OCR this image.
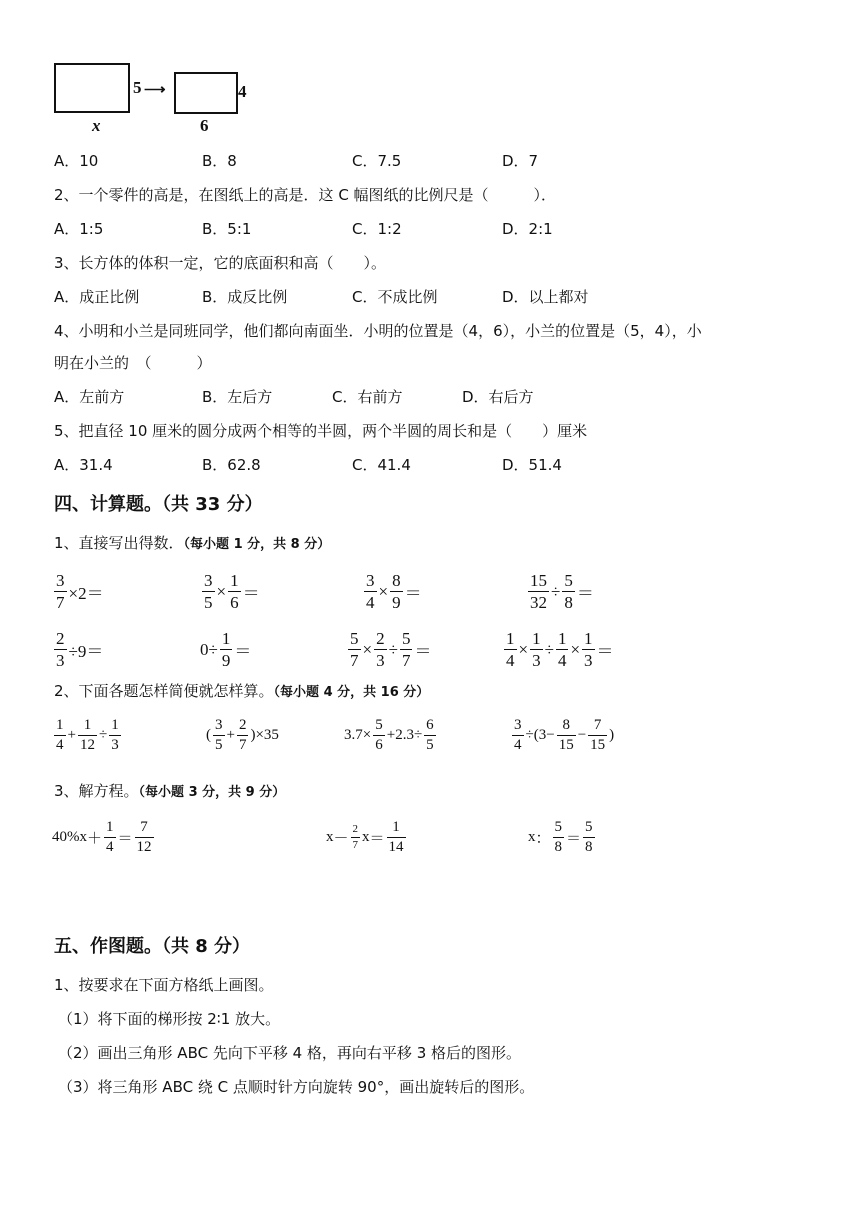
5 ⟶	4
x	6
A．10	B．8	C．7.5	D．7
2、一个零件的高是，在图纸上的高是．这 C 幅图纸的比例尺是（　　　）．
A．1:5	B．5:1	C．1:2	D．2:1
3、长方体的体积一定，它的底面积和高（　　）。
A．成正比例	B．成反比例	C．不成比例	D．以上都对
4、小明和小兰是同班同学，他们都向南面坐．小明的位置是（4，6），小兰的位置是（5，4），小
明在小兰的　（　　　）
A．左前方	B．左后方	C．右前方	D．右后方
5、把直径 10 厘米的圆分成两个相等的半圆，两个半圆的周长和是（　　）厘米
A．31.4	B．62.8	C．41.4	D．51.4
四、计算题。（共 33 分）
1、直接写出得数．（每小题 1 分，共 8 分）
$\frac{3}{7} \times 2=$	$\frac{3}{5} \times \frac{1}{6}$ ＝	$\frac{3}{4} \times \frac{8}{9}$ ＝	$\frac{15}{32} \div \frac{5}{8}$ ＝
$\frac{2}{3} \div 9=$	$0 \div \frac{1}{9}$ ＝	$\frac{5}{7} \times \frac{2}{3} \div \frac{5}{7}$ ＝	$\frac{1}{4} \times \frac{1}{3} \div \frac{1}{4} \times \frac{1}{3}$ ＝
2、下面各题怎样简便就怎样算。（每小题 4 分，共 16 分）
$\frac{1}{4} + \frac{1}{12} \div \frac{1}{3}$	( $\frac{3}{5} + \frac{2}{7}$ ) ×35	$3.7 \times \frac{5}{6} + 2.3 \div \frac{6}{5}$	$\frac{3}{4} \div(3- \frac{8}{15} - \frac{7}{15}$ )
3、解方程。（每小题 3 分，共 9 分）
$40\%x + \frac{1}{4} = \frac{7}{12}$	$x - \frac{2}{7}$ $x = \frac{1}{14}$	x ： $\frac{5}{8} = \frac{5}{8}$
五、作图题。（共 8 分）
1、按要求在下面方格纸上画图。
（1）将下面的梯形按 2∶1 放大。
（2）画出三角形 ABC 先向下平移 4 格，再向右平移 3 格后的图形。
（3）将三角形 ABC 绕 C 点顺时针方向旋转 90°，画出旋转后的图形。
